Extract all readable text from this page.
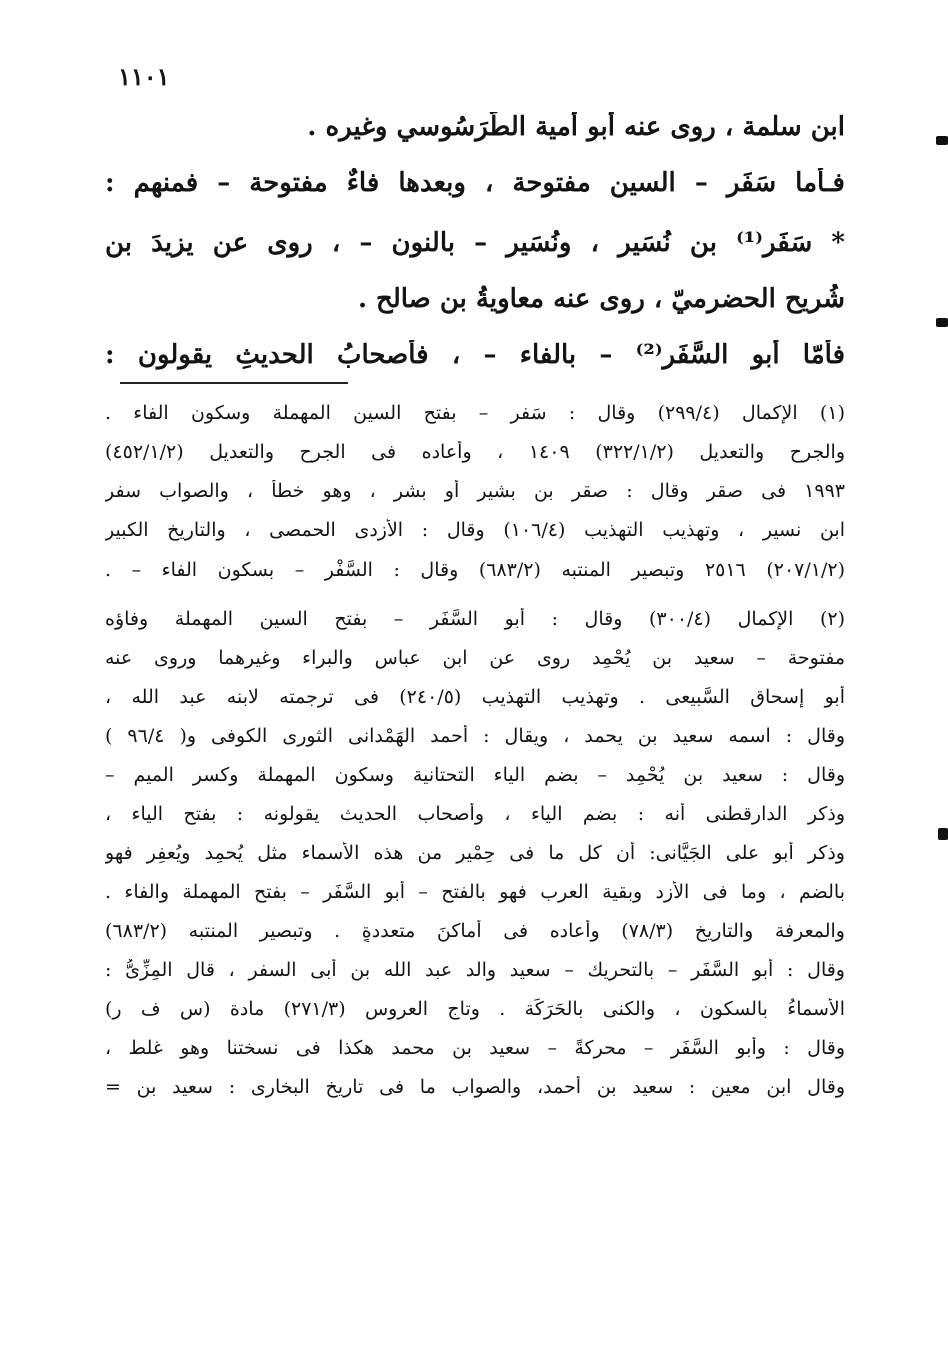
١١٠١
ابنِ سلمة ، روى عنه أبو أُمية الطَّرَسُوسي وغيره .
فـأما سَفَر – السين مفتوحة ، وبعدها فاءٌ مفتوحة – فمنهم :
* سَفَر⁽¹⁾ بن نُسَير ، ونُسَير – بالنون – ، روى عن يزيدَ بنِ
شُريح الحضرميّ ، روى عنه معاويةُ بن صالح .
فأمّا أَبو السَّفَر⁽²⁾ – بالفاء – ، فأَصحابُ الحديثِ يقولون :
(١) الإكمال (٢٩٩/٤) وقال : سَفر – بفتح السين المهملة وسكون الفاء .
والجرح والتعديل (٣٢٢/١/٢) ١٤٠٩ ، وأعاده فى الجرح والتعديل (٤٥٢/١/٢)
١٩٩٣ فى صقر وقال : صقر بن بشير أو بشر ، وهو خطأٌ ، والصواب سفر
ابن نسير ، وتهذيب التهذيب (١٠٦/٤) وقال : الأزدى الحمصى ، والتاريخ الكبير
(٢٠٧/١/٢) ٢٥١٦ وتبصير المنتبه (٦٨٣/٢) وقال : السَّفْر – بسكون الفاء – .
(٢) الإكمال (٣٠٠/٤) وقال : أبو السَّفَر – بفتح السين المهملة وفاؤه
مفتوحة – سعيد بن يُحْمِد روى عن ابن عباس والبراء وغيرهما وروى عنه
أبو إسحاق السَّبيعى . وتهذيب التهذيب (٢٤٠/٥) فى ترجمته لابنه عبد الله ،
وقال : اسمه سعيد بن يحمد ، ويقال : أحمد الهَمْدانى الثورى الكوفى و( ٩٦/٤ )
وقال : سعيد بن يُحْمِد – بضم الياء التحتانية وسكون المهملة وكسر الميم –
وذكر الدارقطنى أنه : بضم الياء ، وأصحاب الحديث يقولونه : بفتح الياء ،
وذكر أبو على الجَيَّانى: أن كل ما فى حِمْير من هذه الأسماء مثل يُحمِد ويُعفِر فهو
بالضم ، وما فى الأزد وبقية العرب فهو بالفتح – أبو السَّفَر – بفتح المهملة والفاء .
والمعرفة والتاريخ (٧٨/٣) وأعاده فى أماكنَ متعددةٍ . وتبصير المنتبه (٦٨٣/٢)
وقال : أبو السَّفَر – بالتحريك – سعيد والد عبد الله بن أبى السفر ، قال المِزِّىُّ :
الأسماءُ بالسكون ، والكنى بالحَرَكَة . وتاج العروس (٢٧١/٣) مادة (س ف ر)
وقال : وأبو السَّفَر – محركةً – سعيد بن محمد هكذا فى نسختنا وهو غلط ،
وقال ابن معين : سعيد بن أحمد، والصواب ما فى تاريخ البخارى : سعيد بن =
